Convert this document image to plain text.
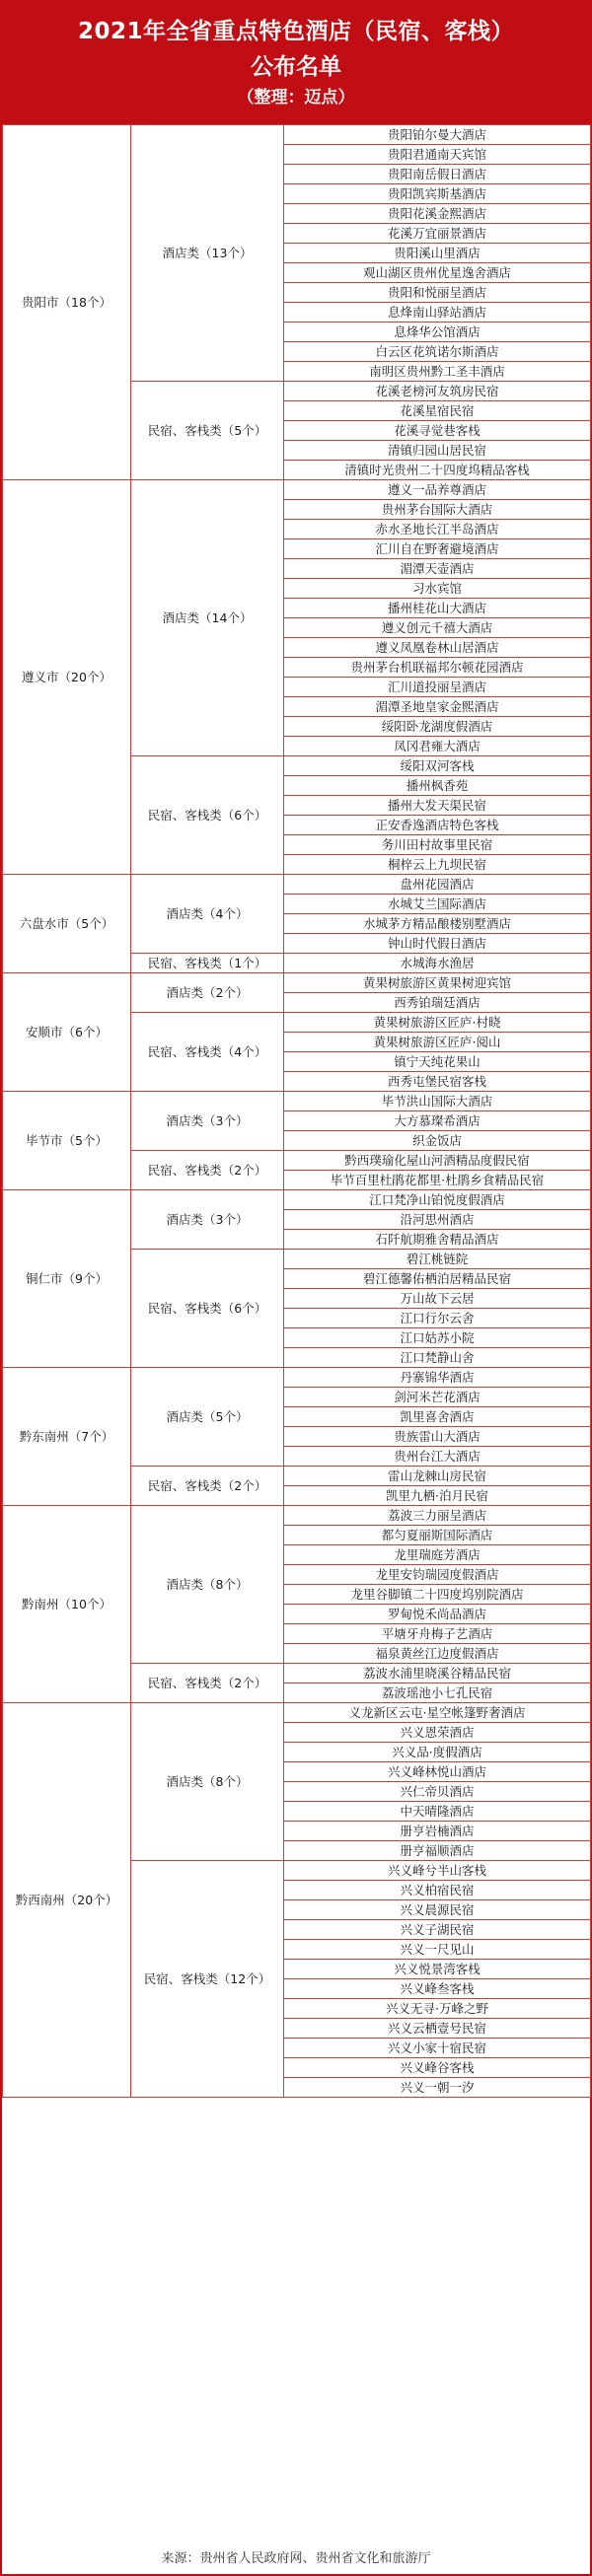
2021年全省重点特色酒店（民宿、客栈）
公布名单
（整理：迈点）
贵阳市（18个）	酒店类（13个）	贵阳铂尔曼大酒店
		贵阳君通南天宾馆
		贵阳南岳假日酒店
		贵阳凯宾斯基酒店
		贵阳花溪金熙酒店
		花溪万宜丽景酒店
		贵阳溪山里酒店
		观山湖区贵州优星逸舍酒店
		贵阳和悦丽呈酒店
		息烽南山驿站酒店
		息烽华公馆酒店
		白云区花筑诺尔斯酒店
		南明区贵州黔工圣丰酒店
	民宿、客栈类（5个）	花溪老榜河友筑房民宿
		花溪星宿民宿
		花溪寻觉巷客栈
		清镇归园山居民宿
		清镇时光贵州二十四度坞精品客栈
遵义市（20个）	酒店类（14个）	遵义一品养尊酒店
		贵州茅台国际大酒店
		赤水圣地长江半岛酒店
		汇川自在野奢避境酒店
		湄潭天壶酒店
		习水宾馆
		播州桂花山大酒店
		遵义创元千禧大酒店
		遵义凤凰卷林山居酒店
		贵州茅台机联福邦尔顿花园酒店
		汇川道投丽呈酒店
		湄潭圣地皇家金熙酒店
		绥阳卧龙湖度假酒店
		凤冈君雍大酒店
	民宿、客栈类（6个）	绥阳双河客栈
		播州枫香苑
		播州大发天渠民宿
		正安香逸酒店特色客栈
		务川田村故事里民宿
		桐梓云上九坝民宿
六盘水市（5个）	酒店类（4个）	盘州花园酒店
		水城艾兰国际酒店
		水城茅方精品酿楼别墅酒店
		钟山时代假日酒店
	民宿、客栈类（1个）	水城海水渔居
安顺市（6个）	酒店类（2个）	黄果树旅游区黄果树迎宾馆
		西秀铂瑞廷酒店
	民宿、客栈类（4个）	黄果树旅游区匠庐·村晓
		黄果树旅游区匠庐·阅山
		镇宁天纯花果山
		西秀屯堡民宿客栈
毕节市（5个）	酒店类（3个）	毕节洪山国际大酒店
		大方慕璨希酒店
		织金饭店
	民宿、客栈类（2个）	黔西璞瑜化屋山河酒精品度假民宿
		毕节百里杜鹃花都里·杜鹃乡食精品民宿
铜仁市（9个）	酒店类（3个）	江口梵净山铂悦度假酒店
		沿河思州酒店
		石阡航期雅舍精品酒店
	民宿、客栈类（6个）	碧江桃链院
		碧江德馨佑栖泊居精品民宿
		万山故下云居
		江口行尔云舍
		江口姑苏小院
		江口梵静山舍
黔东南州（7个）	酒店类（5个）	丹寨锦华酒店
		剑河米芒花酒店
		凯里喜舍酒店
		贵族雷山大酒店
		贵州台江大酒店
	民宿、客栈类（2个）	雷山龙棘山房民宿
		凯里九栖·泊月民宿
黔南州（10个）	酒店类（8个）	荔波三力丽呈酒店
		都匀夏丽斯国际酒店
		龙里瑞庭芳酒店
		龙里安钧瑞园度假酒店
		龙里谷脚镇二十四度坞别院酒店
		罗甸悦禾尚品酒店
		平塘牙舟梅子艺酒店
		福泉黄丝江边度假酒店
	民宿、客栈类（2个）	荔波水浦里晓溪谷精品民宿
		荔波瑶池小七孔民宿
黔西南州（20个）	酒店类（8个）	义龙新区云屯·星空帐篷野奢酒店
		兴义恩荣酒店
		兴义品·度假酒店
		兴义峰林悦山酒店
		兴仁帝贝酒店
		中天晴隆酒店
		册亨岩楠酒店
		册亨福顺酒店
	民宿、客栈类（12个）	兴义峰兮半山客栈
		兴义柏宿民宿
		兴义晨源民宿
		兴义子湖民宿
		兴义一尺见山
		兴义悦景湾客栈
		兴义峰叁客栈
		兴义无寻·万峰之野
		兴义云栖壹号民宿
		兴义小家十宿民宿
		兴义峰谷客栈
		兴义一朝一汐
来源：贵州省人民政府网、贵州省文化和旅游厅
